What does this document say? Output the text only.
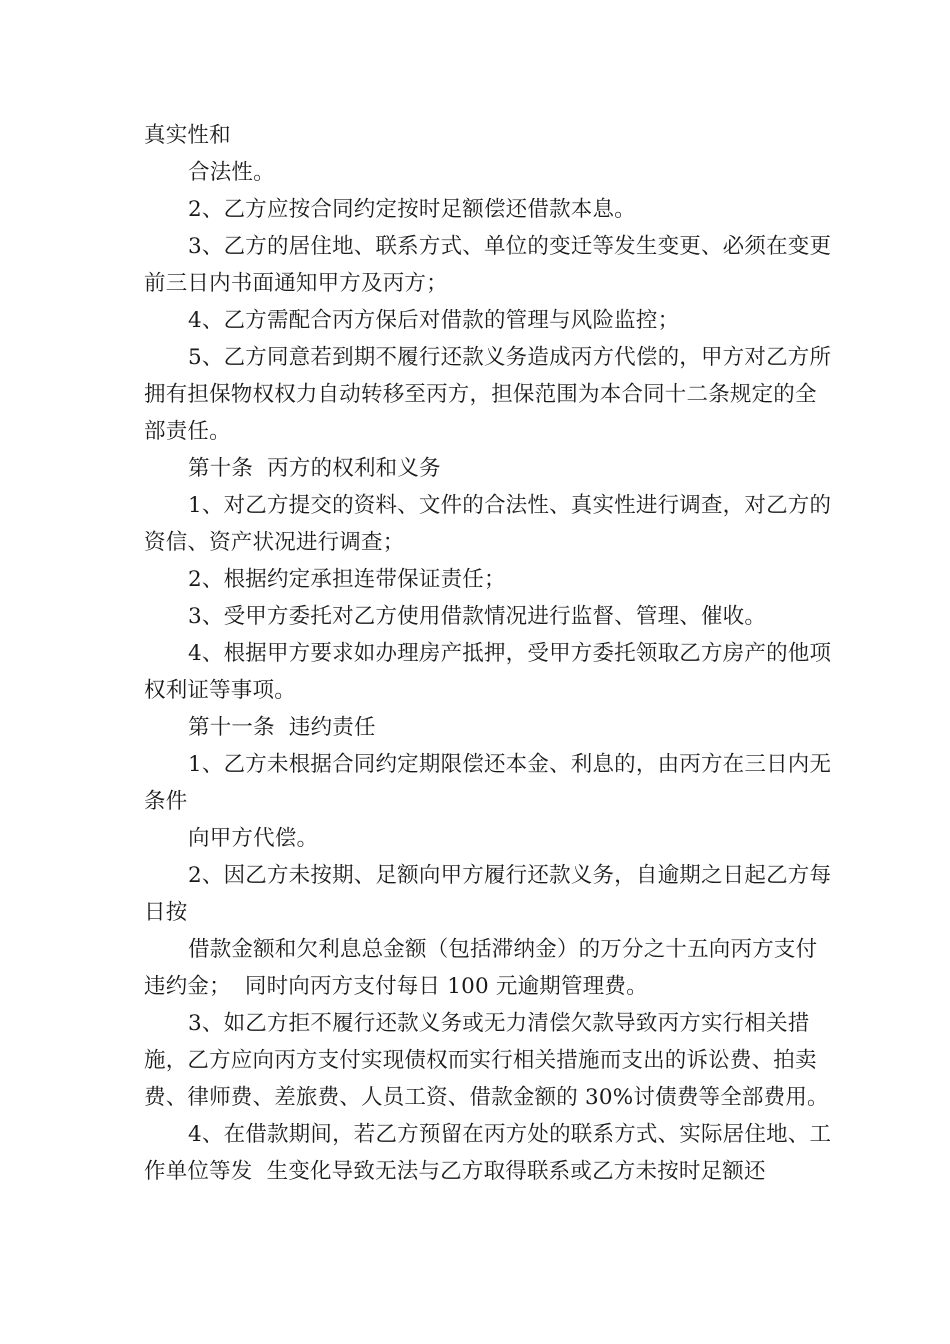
真实性和

合法性。

2、乙方应按合同约定按时足额偿还借款本息。

3、乙方的居住地、联系方式、单位的变迁等发生变更、必须在变更前三日内书面通知甲方及丙方；

4、乙方需配合丙方保后对借款的管理与风险监控；

5、乙方同意若到期不履行还款义务造成丙方代偿的，甲方对乙方所拥有担保物权权力自动转移至丙方，担保范围为本合同十二条规定的全部责任。

第十条  丙方的权利和义务

1、对乙方提交的资料、文件的合法性、真实性进行调查，对乙方的资信、资产状况进行调查；

2、根据约定承担连带保证责任；

3、受甲方委托对乙方使用借款情况进行监督、管理、催收。

4、根据甲方要求如办理房产抵押，受甲方委托领取乙方房产的他项权利证等事项。

第十一条  违约责任

1、乙方未根据合同约定期限偿还本金、利息的，由丙方在三日内无条件

向甲方代偿。

2、因乙方未按期、足额向甲方履行还款义务，自逾期之日起乙方每日按

借款金额和欠利息总金额（包括滞纳金）的万分之十五向丙方支付违约金；  同时向丙方支付每日 100 元逾期管理费。

3、如乙方拒不履行还款义务或无力清偿欠款导致丙方实行相关措施，乙方应向丙方支付实现债权而实行相关措施而支出的诉讼费、拍卖费、律师费、差旅费、人员工资、借款金额的 30%讨债费等全部费用。

4、在借款期间，若乙方预留在丙方处的联系方式、实际居住地、工作单位等发  生变化导致无法与乙方取得联系或乙方未按时足额还
